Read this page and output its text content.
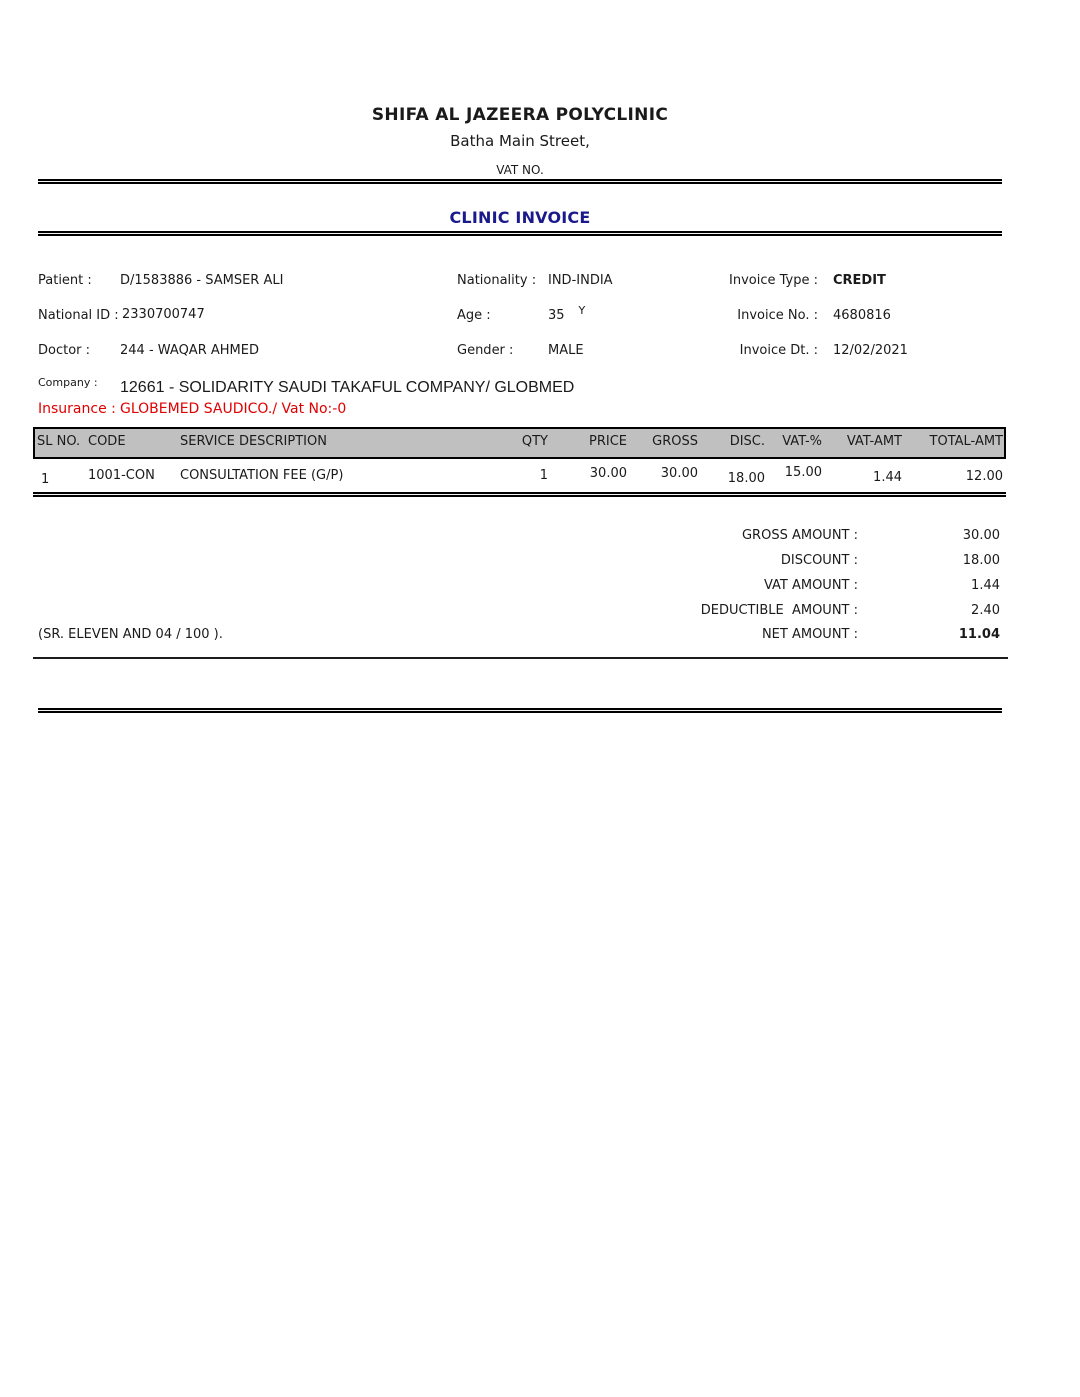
SHIFA AL JAZEERA POLYCLINIC
Batha Main Street,
VAT NO.
CLINIC INVOICE
Patient : D/1583886 - SAMSER ALI
National ID : 2330700747
Doctor : 244 - WAQAR AHMED
Nationality : IND-INDIA
Age :	35 $^Y$
Gender :	MALE
Invoice Type : CREDIT
Invoice No. : 4680816
Invoice Dt. : 12/02/2021
Company : 12661 - SOLIDARITY SAUDI TAKAFUL COMPANY/ GLOBMED
Insurance : GLOBEMED SAUDICO./ Vat No:-0
SL NO. CODE	SERVICE DESCRIPTION	QTY	PRICE GROSS DISC. VAT-% VAT-AMT TOTAL-AMT
1	1001-CON CONSULTATION FEE (G/P)	1	30.00	30.00 18.00 15.00	1.44	12.00
GROSS AMOUNT :	30.00
DISCOUNT :	18.00
VAT AMOUNT :	1.44
DEDUCTIBLE  AMOUNT :	2.40
NET AMOUNT :	11.04
(SR. ELEVEN AND 04 / 100 ).
